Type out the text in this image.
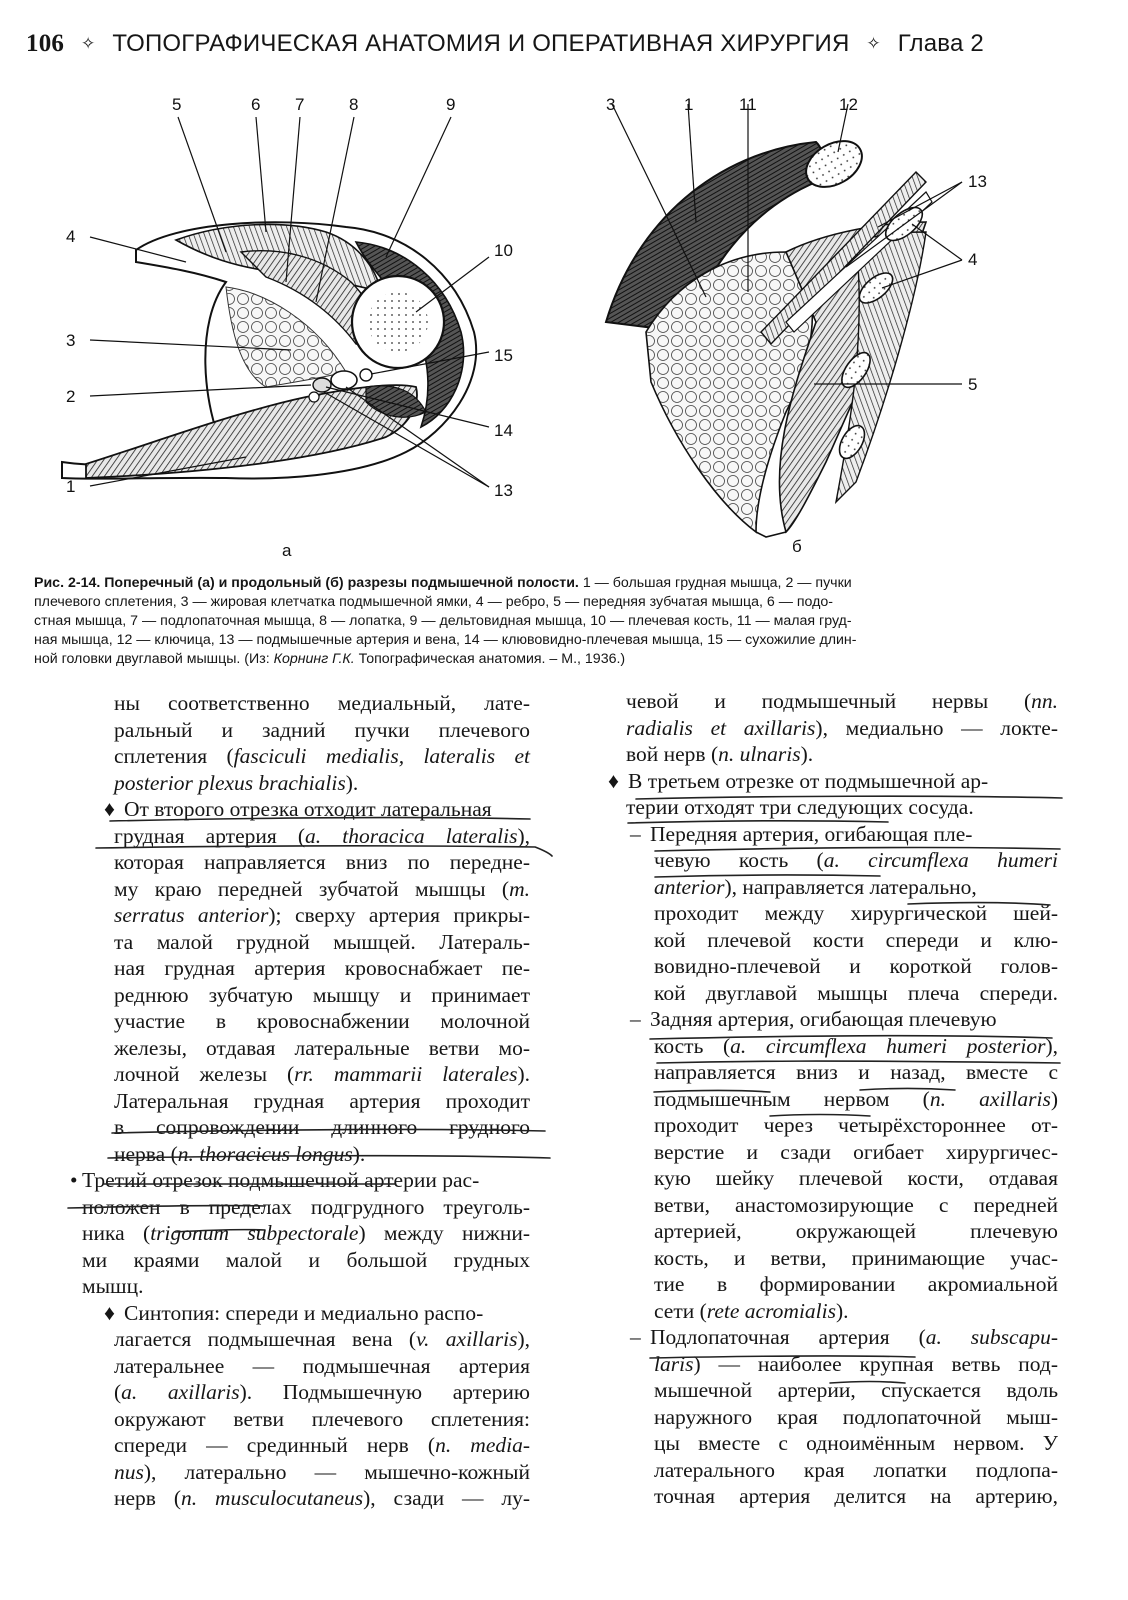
106 ✧ ТОПОГРАФИЧЕСКАЯ АНАТОМИЯ И ОПЕРАТИВНАЯ ХИРУРГИЯ ✧ Глава 2
5	6 7	8	9
4
10
3
15
2
14
1	13
а
3	1	11	12
13
4
5
б
Рис. 2-14. Поперечный (а) и продольный (б) разрезы подмышечной полости. 1 — большая грудная мышца, 2 — пучки
плечевого сплетения, 3 — жировая клетчатка подмышечной ямки, 4 — ребро, 5 — передняя зубчатая мышца, 6 — подо-
стная мышца, 7 — подлопаточная мышца, 8 — лопатка, 9 — дельтовидная мышца, 10 — плечевая кость, 11 — малая груд-
ная мышца, 12 — ключица, 13 — подмышечные артерия и вена, 14 — клювовидно-плечевая мышца, 15 — сухожилие длин-
ной головки двуглавой мышцы. (Из: Корнинг Г.К. Топографическая анатомия. – М., 1936.)
ны соответственно медиальный, лате-
ральный и задний пучки плечевого
сплетения (fasciculi medialis, lateralis et
posterior plexus brachialis).
♦ От второго отрезка отходит латеральная
грудная артерия (a. thoracica lateralis),
которая направляется вниз по передне-
му краю передней зубчатой мышцы (m.
serratus anterior); сверху артерия прикры-
та малой грудной мышцей. Латераль-
ная грудная артерия кровоснабжает пе-
реднюю зубчатую мышцу и принимает
участие в кровоснабжении молочной
железы, отдавая латеральные ветви мо-
лочной железы (rr. mammarii laterales).
Латеральная грудная артерия проходит
в сопровождении длинного грудного
нерва (n. thoracicus longus).
• Третий отрезок подмышечной артерии рас-
положен в пределах подгрудного треуголь-
ника (trigonum subpectorale) между нижни-
ми краями малой и большой грудных
мышц.
♦ Синтопия: спереди и медиально распо-
лагается подмышечная вена (v. axillaris),
латеральнее — подмышечная артерия
(a. axillaris). Подмышечную артерию
окружают ветви плечевого сплетения:
спереди — срединный нерв (n. media-
nus), латерально — мышечно-кожный
нерв (n. musculocutaneus), сзади — лу-
чевой и подмышечный нервы (nn.
radialis et axillaris), медиально — локте-
вой нерв (n. ulnaris).
♦ В третьем отрезке от подмышечной ар-
терии отходят три следующих сосуда.
– Передняя артерия, огибающая пле-
чевую кость (a. circumflexa humeri
anterior), направляется латерально,
проходит между хирургической шей-
кой плечевой кости спереди и клю-
вовидно-плечевой и короткой голов-
кой двуглавой мышцы плеча спереди.
– Задняя артерия, огибающая плечевую
кость (a. circumflexa humeri posterior),
направляется вниз и назад, вместе с
подмышечным нервом (n. axillaris)
проходит через четырёхстороннее от-
верстие и сзади огибает хирургичес-
кую шейку плечевой кости, отдавая
ветви, анастомозирующие с передней
артерией, окружающей плечевую
кость, и ветви, принимающие учас-
тие в формировании акромиальной
сети (rete acromialis).
– Подлопаточная артерия (a. subscapu-
laris) — наиболее крупная ветвь под-
мышечной артерии, спускается вдоль
наружного края подлопаточной мыш-
цы вместе с одноимённым нервом. У
латерального края лопатки подлопа-
точная артерия делится на артерию,
